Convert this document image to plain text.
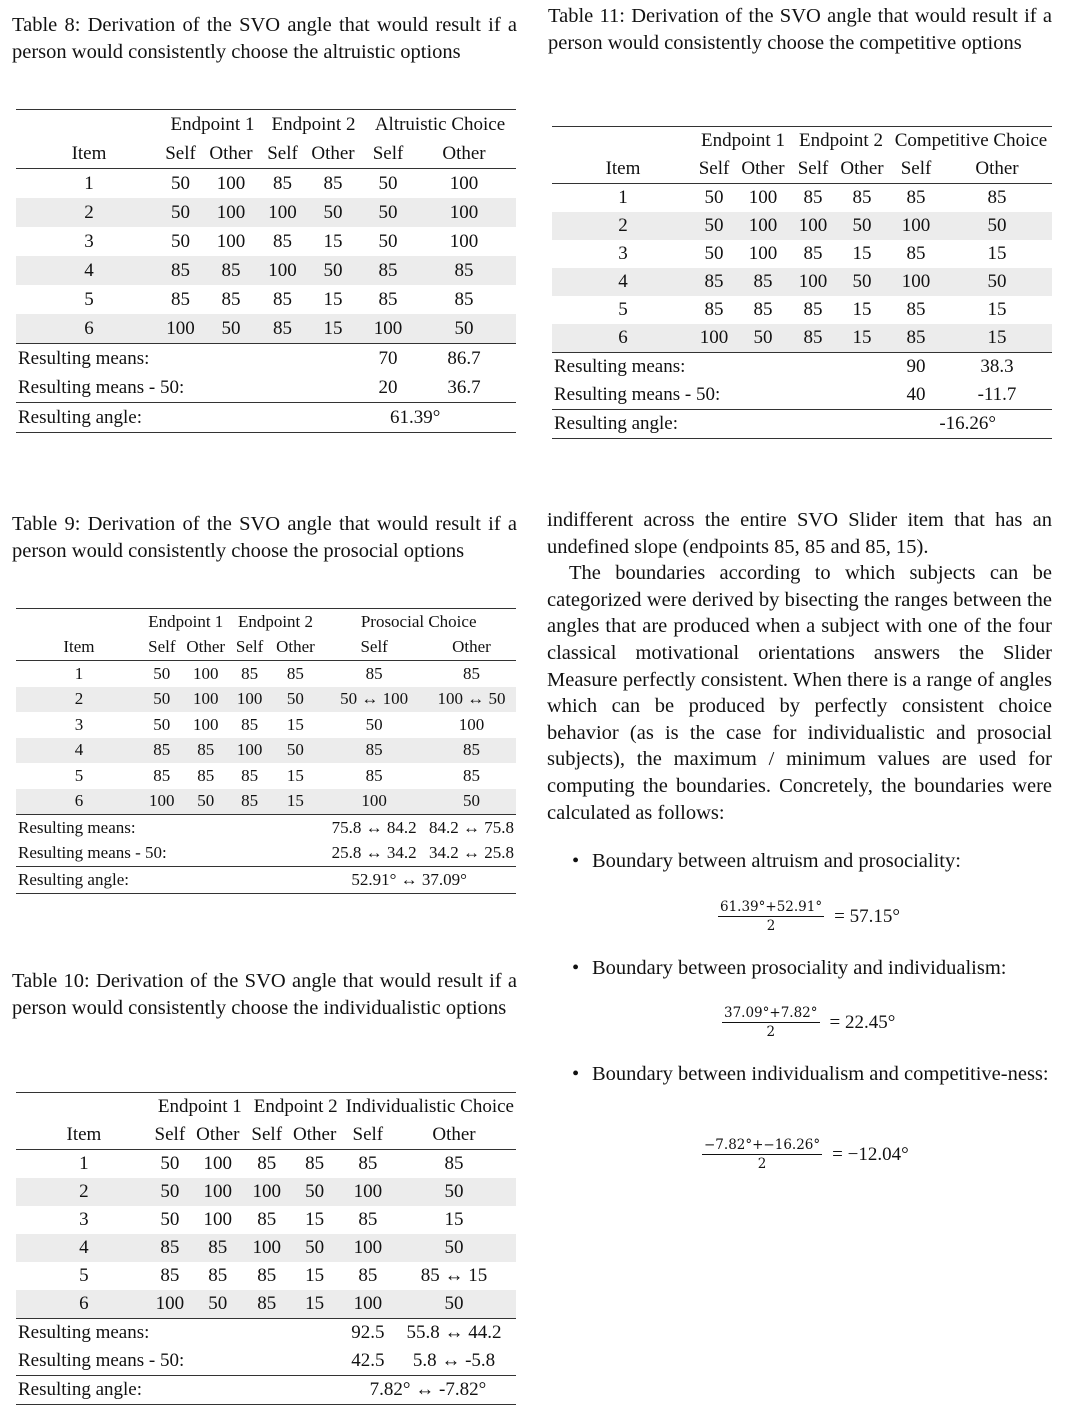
Table 8: Derivation of the SVO angle that would result if a person would consistently choose the altruistic options
	Endpoint 1		Endpoint 2		Altruistic Choice	
Item	Self	Other	Self	Other	Self	Other
1	50	100	85	85	50	100
2	50	100	100	50	50	100
3	50	100	85	15	50	100
4	85	85	100	50	85	85
5	85	85	85	15	85	85
6	100	50	85	15	100	50
Resulting means:					70	86.7
Resulting means - 50:					20	36.7
Resulting angle:					61.39°	
Table 11: Derivation of the SVO angle that would result if a person would consistently choose the competitive options
	Endpoint 1		Endpoint 2		Competitive Choice	
Item	Self	Other	Self	Other	Self	Other
1	50	100	85	85	85	85
2	50	100	100	50	100	50
3	50	100	85	15	85	15
4	85	85	100	50	100	50
5	85	85	85	15	85	15
6	100	50	85	15	85	15
Resulting means:					90	38.3
Resulting means - 50:					40	-11.7
Resulting angle:					-16.26°	
Table 9: Derivation of the SVO angle that would result if a person would consistently choose the prosocial options
	Endpoint 1		Endpoint 2		Prosocial Choice	
Item	Self	Other	Self	Other	Self	Other
1	50	100	85	85	85	85
2	50	100	100	50	50 ↔ 100	100 ↔ 50
3	50	100	85	15	50	100
4	85	85	100	50	85	85
5	85	85	85	15	85	85
6	100	50	85	15	100	50
Resulting means:					75.8 ↔ 84.2	84.2 ↔ 75.8
Resulting means - 50:					25.8 ↔ 34.2	34.2 ↔ 25.8
Resulting angle:					52.91° ↔ 37.09°	
Table 10: Derivation of the SVO angle that would result if a person would consistently choose the individualistic options
	Endpoint 1		Endpoint 2		Individualistic Choice	
Item	Self	Other	Self	Other	Self	Other
1	50	100	85	85	85	85
2	50	100	100	50	100	50
3	50	100	85	15	85	15
4	85	85	100	50	100	50
5	85	85	85	15	85	85 ↔ 15
6	100	50	85	15	100	50
Resulting means:					92.5	55.8 ↔ 44.2
Resulting means - 50:					42.5	5.8 ↔ -5.8
Resulting angle:					7.82° ↔ -7.82°	

indifferent across the entire SVO Slider item that has an undefined slope (endpoints 85, 85 and 85, 15).

The boundaries according to which subjects can be categorized were derived by bisecting the ranges between the angles that are produced when a subject with one of the four classical motivational orientations answers the Slider Measure perfectly consistent. When there is a range of angles which can be produced by perfectly consistent choice behavior (as is the case for individualistic and prosocial subjects), the maximum / minimum values are used for computing the boundaries. Concretely, the boundaries were calculated as follows:

• Boundary between altruism and prosociality:
$\frac{61.39^\circ+52.91^\circ}{2} = 57.15^\circ$
• Boundary between prosociality and individualism:
$\frac{37.09^\circ+7.82^\circ}{2} = 22.45^\circ$
• Boundary between individualism and competitive-ness:
$\frac{-7.82^\circ+-16.26^\circ}{2} = -12.04^\circ$
